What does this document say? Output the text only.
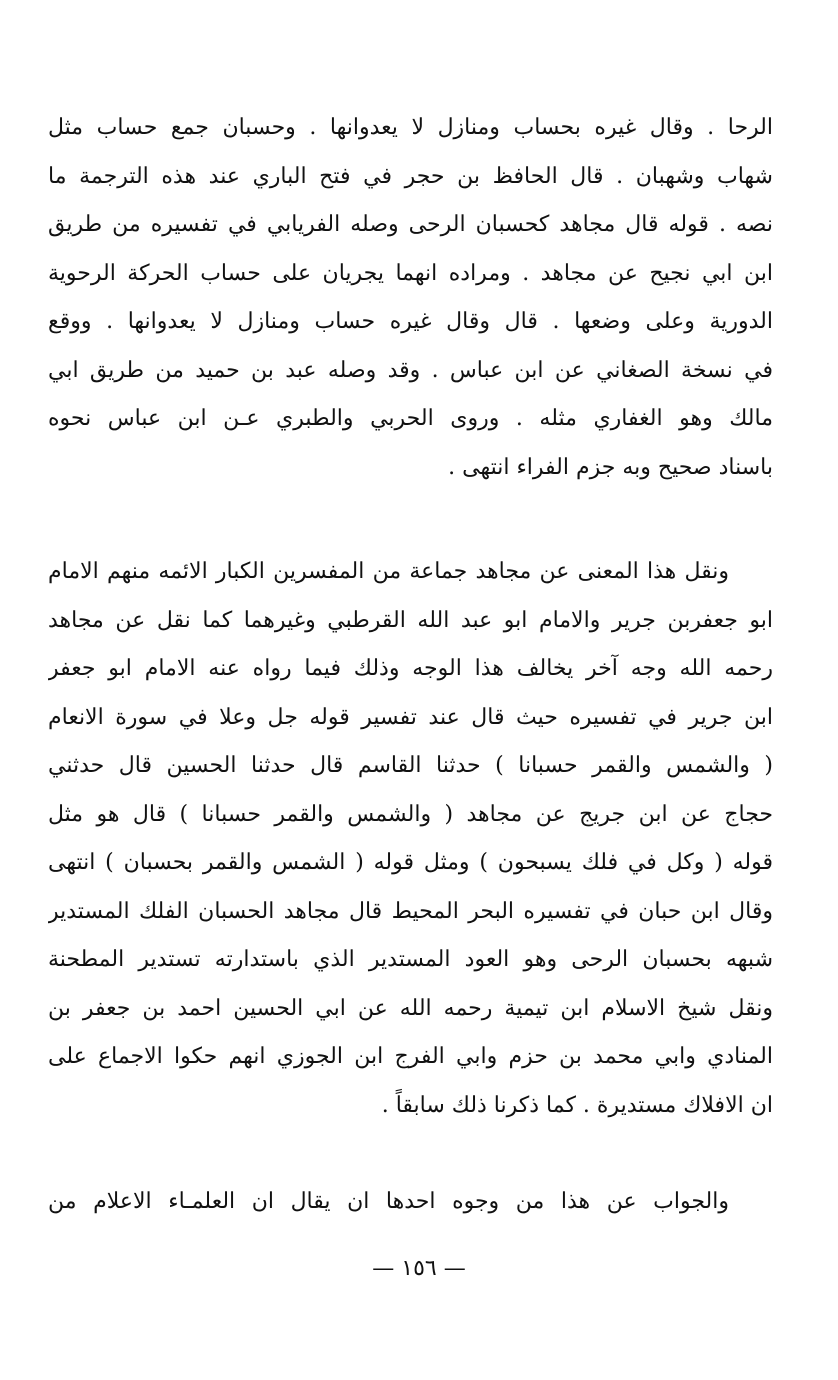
الرحا . وقال غيره بحساب ومنازل لا يعدوانها . وحسبان جمع حساب مثل
شهاب وشهبان . قال الحافظ بن حجر في فتح الباري عند هذه الترجمة ما
نصه . قوله قال مجاهد كحسبان الرحى وصله الفريابي في تفسيره من طريق
ابن ابي نجيح عن مجاهد . ومراده انهما يجريان على حساب الحركة الرحوية
الدورية وعلى وضعها . قال وقال غيره حساب ومنازل لا يعدوانها . ووقع
في نسخة الصغاني عن ابن عباس . وقد وصله عبد بن حميد من طريق ابي
مالك وهو الغفاري مثله . وروى الحربي والطبري عـن ابن عباس نحوه
باسناد صحيح وبه جزم الفراء انتهى .
ونقل هذا المعنى عن مجاهد جماعة من المفسرين الكبار الائمه منهم الامام
ابو جعفربن جرير والامام ابو عبد الله القرطبي وغيرهما كما نقل عن مجاهد
رحمه الله وجه آخر يخالف هذا الوجه وذلك فيما رواه عنه الامام ابو جعفر
ابن جرير في تفسيره حيث قال عند تفسير قوله جل وعلا في سورة الانعام
( والشمس والقمر حسبانا ) حدثنا القاسم قال حدثنا الحسين قال حدثني
حجاج عن ابن جريج عن مجاهد ( والشمس والقمر حسبانا ) قال هو مثل
قوله ( وكل في فلك يسبحون ) ومثل قوله ( الشمس والقمر بحسبان ) انتهى
وقال ابن حبان في تفسيره البحر المحيط قال مجاهد الحسبان الفلك المستدير
شبهه بحسبان الرحى وهو العود المستدير الذي باستدارته تستدير المطحنة
ونقل شيخ الاسلام ابن تيمية رحمه الله عن ابي الحسين احمد بن جعفر بن
المنادي وابي محمد بن حزم وابي الفرج ابن الجوزي انهم حكوا الاجماع على
ان الافلاك مستديرة . كما ذكرنا ذلك سابقاً .
والجواب عن هذا من وجوه احدها ان يقال ان العلمـاء الاعلام من
— ١٥٦ —
